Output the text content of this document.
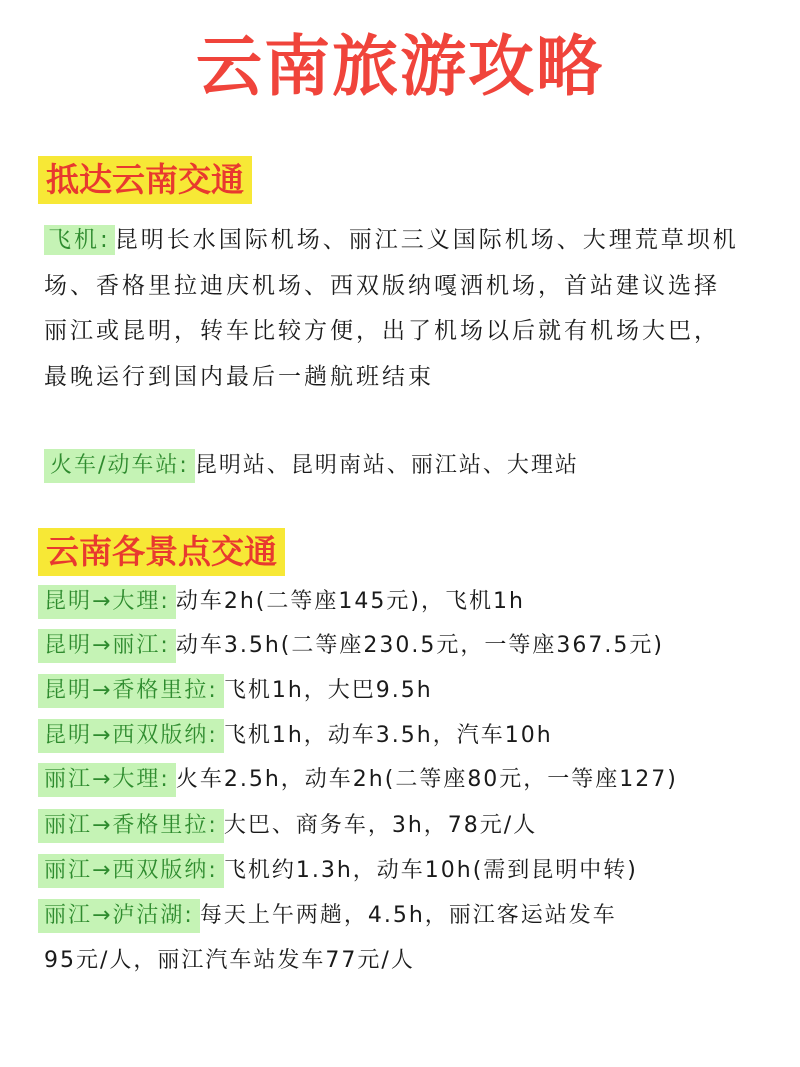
云南旅游攻略
抵达云南交通
飞机: 昆明长水国际机场、丽江三义国际机场、大理荒草坝机场、香格里拉迪庆机场、西双版纳嘎洒机场，首站建议选择丽江或昆明，转车比较方便，出了机场以后就有机场大巴，最晚运行到国内最后一趟航班结束
火车/动车站: 昆明站、昆明南站、丽江站、大理站
云南各景点交通
昆明→大理: 动车2h(二等座145元)，飞机1h
昆明→丽江: 动车3.5h(二等座230.5元，一等座367.5元)
昆明→香格里拉: 飞机1h，大巴9.5h
昆明→西双版纳: 飞机1h，动车3.5h，汽车10h
丽江→大理: 火车2.5h，动车2h(二等座80元，一等座127)
丽江→香格里拉: 大巴、商务车，3h，78元/人
丽江→西双版纳: 飞机约1.3h，动车10h(需到昆明中转)
丽江→泸沽湖: 每天上午两趟，4.5h，丽江客运站发车
95元/人，丽江汽车站发车77元/人
